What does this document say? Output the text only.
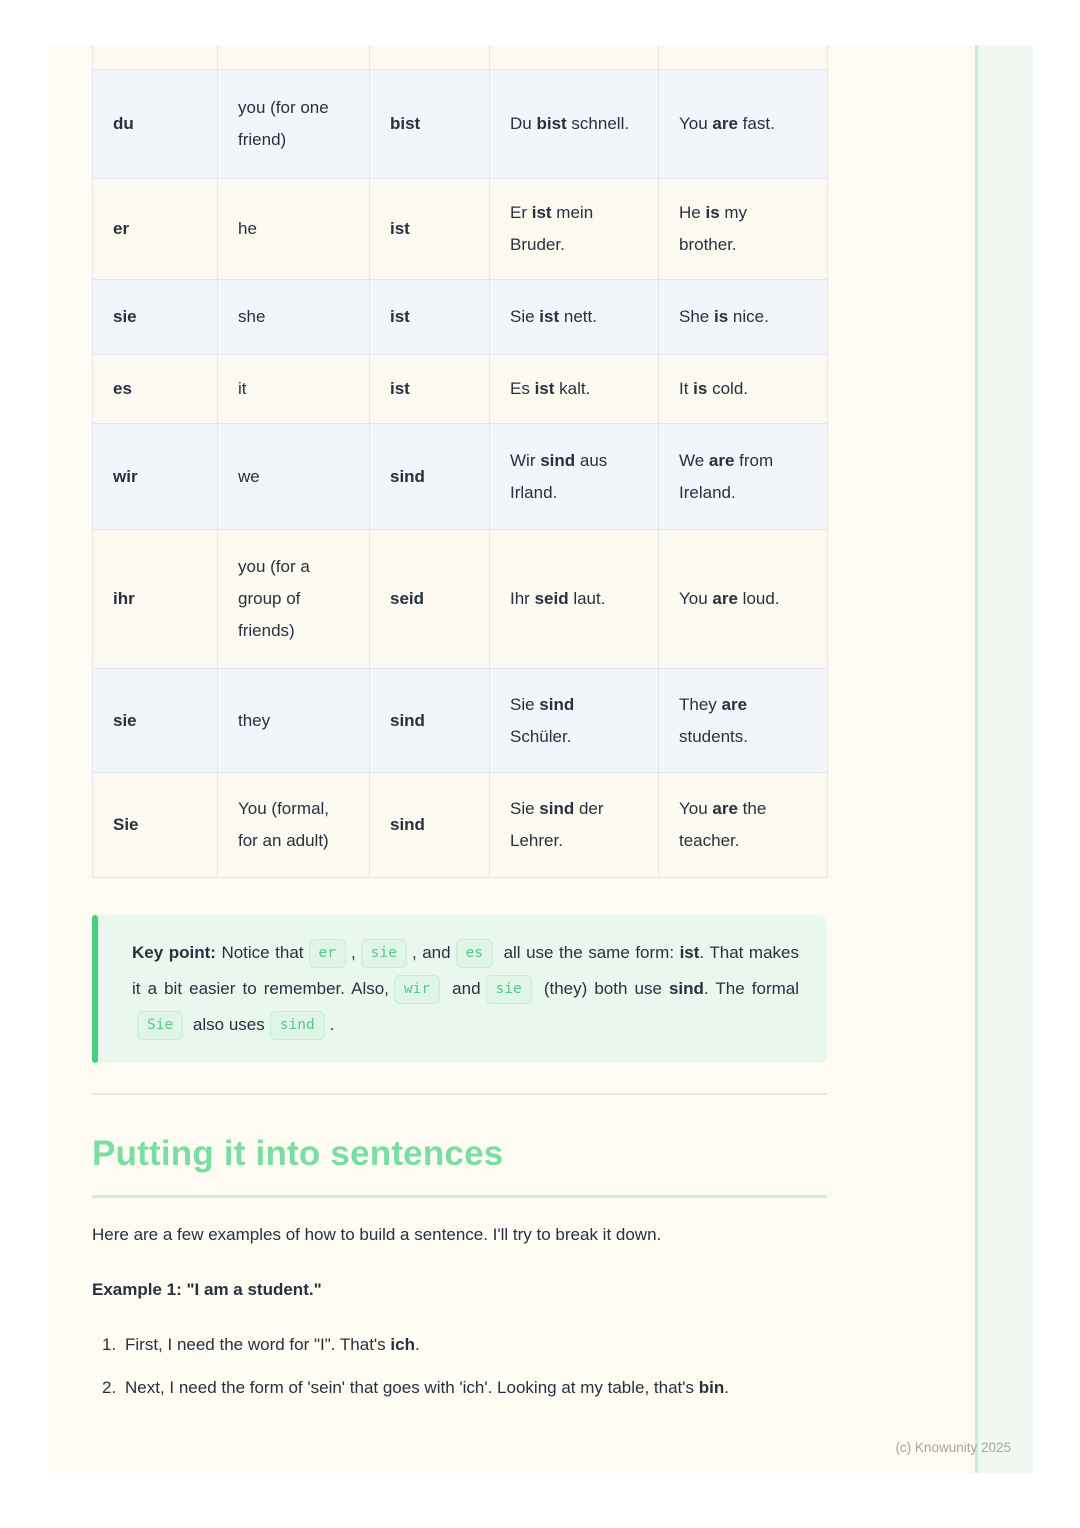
du	you (for one friend)	bist	Du bist schnell.	You are fast.
er	he	ist	Er ist mein Bruder.	He is my brother.
sie	she	ist	Sie ist nett.	She is nice.
es	it	ist	Es ist kalt.	It is cold.
wir	we	sind	Wir sind aus Irland.	We are from Ireland.
ihr	you (for a group of friends)	seid	Ihr seid laut.	You are loud.
sie	they	sind	Sie sind Schüler.	They are students.
Sie	You (formal, for an adult)	sind	Sie sind der Lehrer.	You are the teacher.
Key point: Notice that er , sie , and es all use the same form: ist. That makes it a bit easier to remember. Also, wir and sie (they) both use sind. The formalSie also uses sind .
Putting it into sentences

Here are a few examples of how to build a sentence. I'll try to break it down.

Example 1: "I am a student."

1. First, I need the word for "I". That's ich.
2. Next, I need the form of 'sein' that goes with 'ich'. Looking at my table, that's bin.
(c) Knowunity 2025
